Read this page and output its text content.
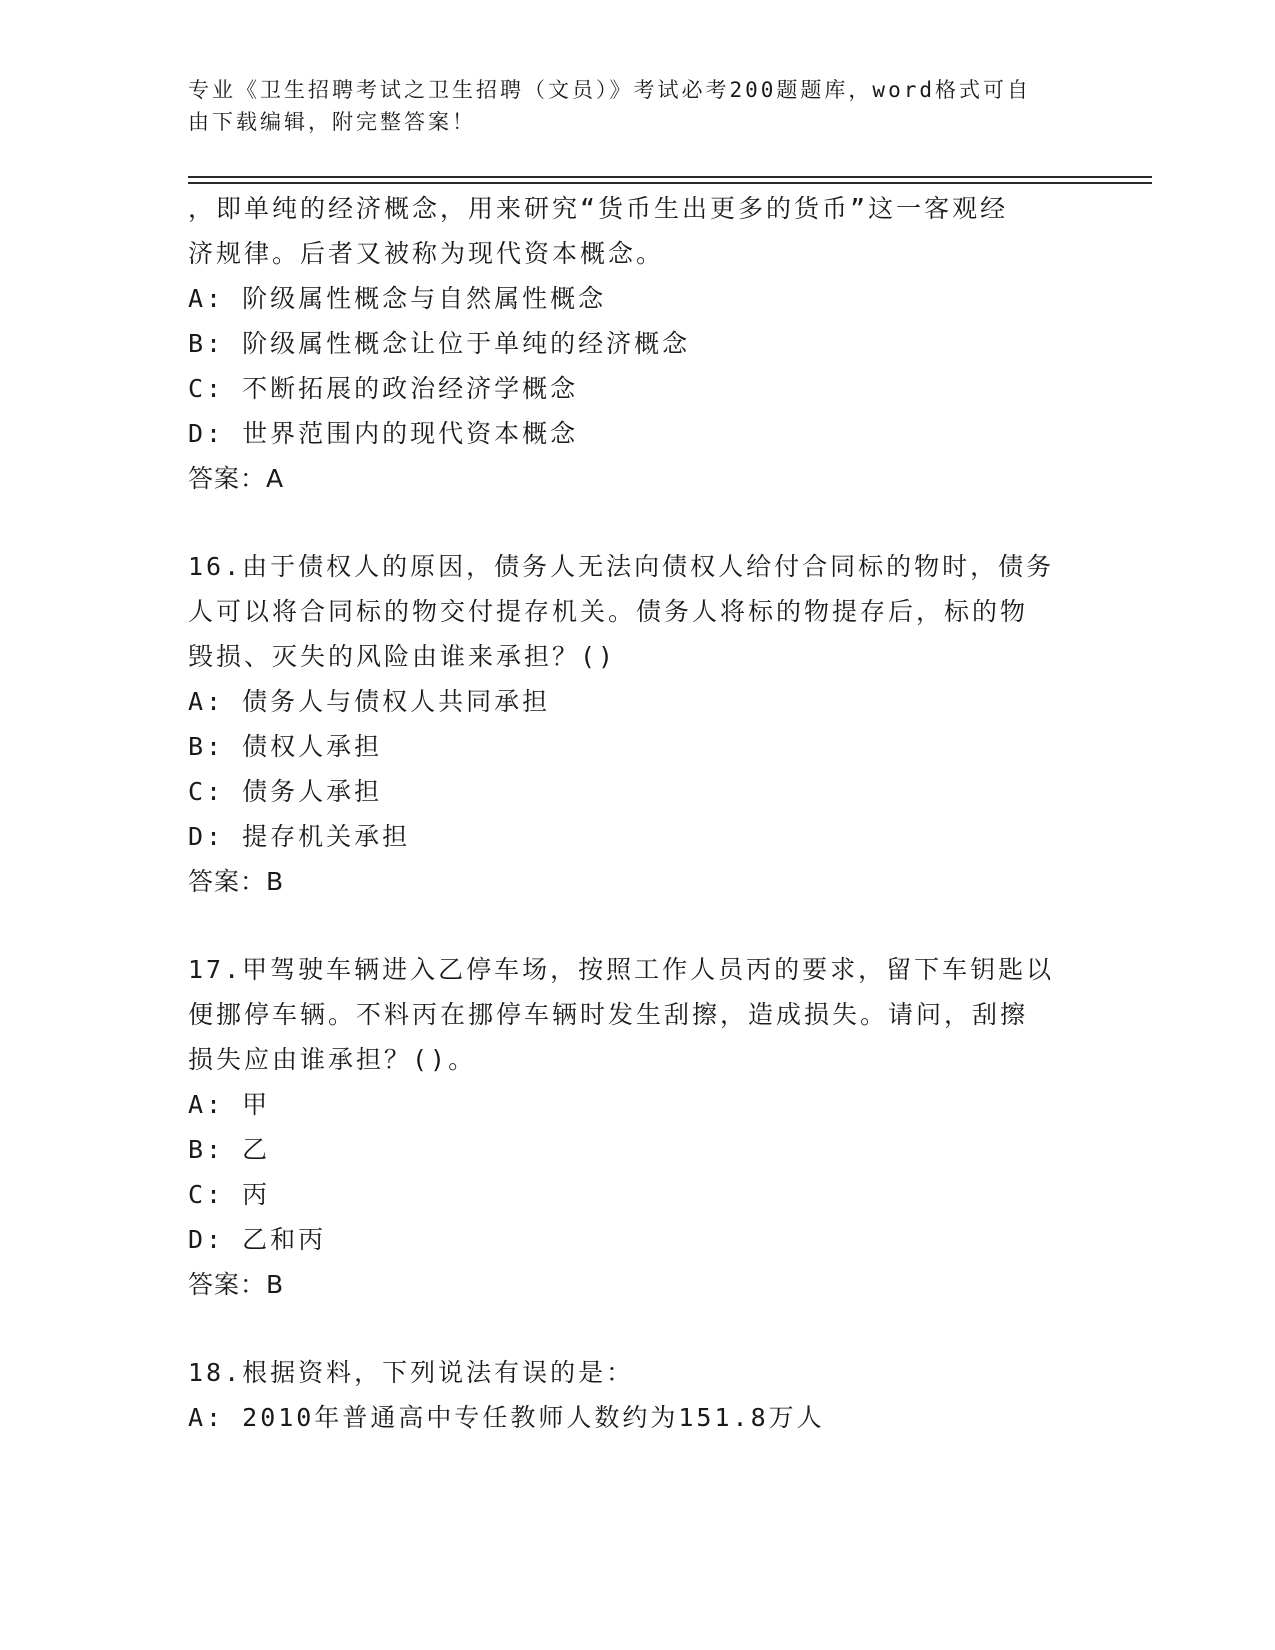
专业《卫生招聘考试之卫生招聘（文员）》考试必考200题题库，word格式可自
由下载编辑，附完整答案！
，即单纯的经济概念，用来研究“货币生出更多的货币”这一客观经
济规律。后者又被称为现代资本概念。
A: 阶级属性概念与自然属性概念
B: 阶级属性概念让位于单纯的经济概念
C: 不断拓展的政治经济学概念
D: 世界范围内的现代资本概念
答案：A
16.由于债权人的原因，债务人无法向债权人给付合同标的物时，债务
人可以将合同标的物交付提存机关。债务人将标的物提存后，标的物
毁损、灭失的风险由谁来承担？()
A: 债务人与债权人共同承担
B: 债权人承担
C: 债务人承担
D: 提存机关承担
答案：B
17.甲驾驶车辆进入乙停车场，按照工作人员丙的要求，留下车钥匙以
便挪停车辆。不料丙在挪停车辆时发生刮擦，造成损失。请问，刮擦
损失应由谁承担？()。
A: 甲
B: 乙
C: 丙
D: 乙和丙
答案：B
18.根据资料，下列说法有误的是：
A: 2010年普通高中专任教师人数约为151.8万人
